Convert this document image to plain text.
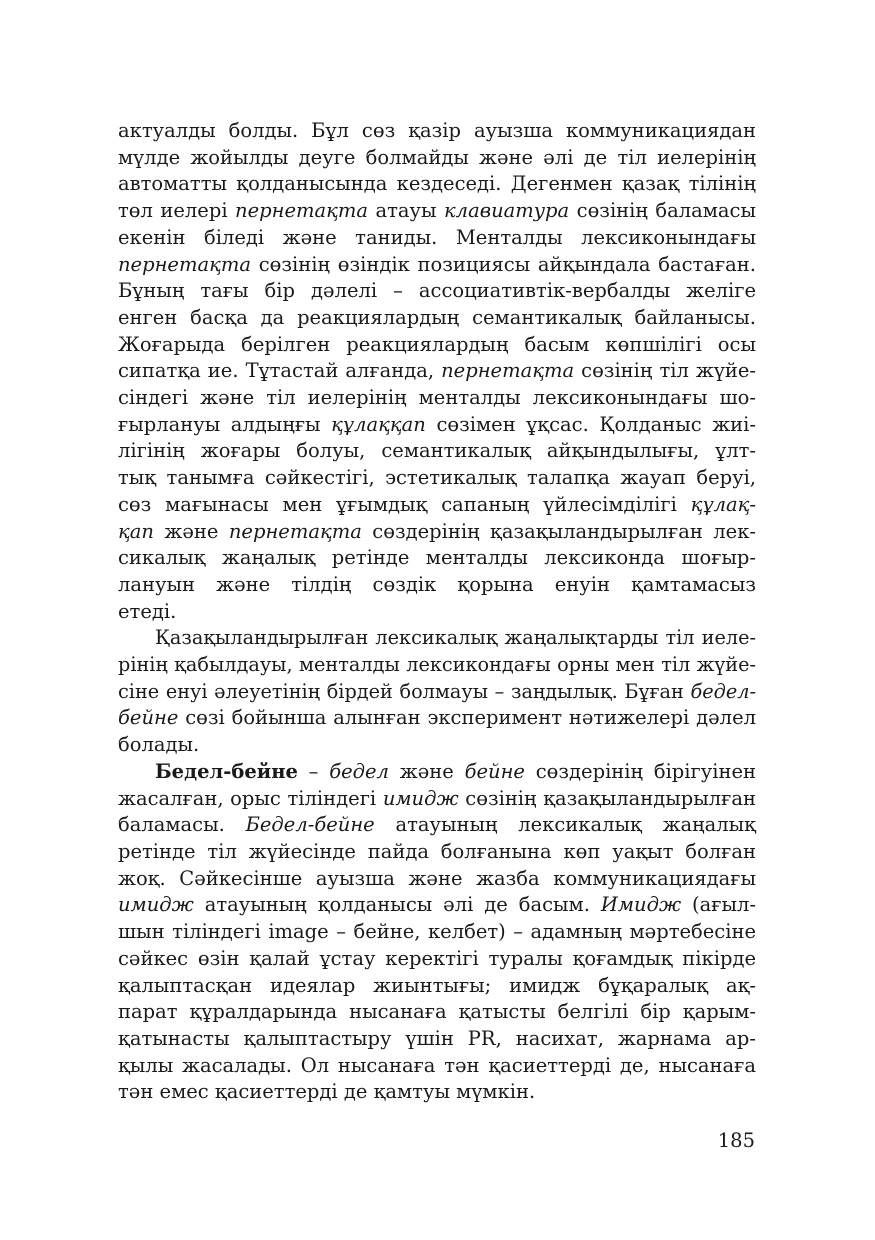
актуалды болды. Бұл сөз қазір ауызша коммуникациядан
мүлде жойылды деуге болмайды және әлі де тіл иелерінің
автоматты қолданысында кездеседі. Дегенмен қазақ тілінің
төл иелері пернетақта атауы клавиатура сөзінің баламасы
екенін біледі және таниды. Менталды лексиконындағы
пернетақта сөзінің өзіндік позициясы айқындала бастаған.
Бұның тағы бір дәлелі – ассоциативтік-вербалды желіге
енген басқа да реакциялардың семантикалық байланысы.
Жоғарыда берілген реакциялардың басым көпшілігі осы
сипатқа ие. Тұтастай алғанда, пернетақта сөзінің тіл жүйе-
сіндегі және тіл иелерінің менталды лексиконындағы шо-
ғырлануы алдыңғы құлаққап сөзімен ұқсас. Қолданыс жиі-
лігінің жоғары болуы, семантикалық айқындылығы, ұлт-
тық танымға сәйкестігі, эстетикалық талапқа жауап беруі,
сөз мағынасы мен ұғымдық сапаның үйлесімділігі құлақ-
қап және пернетақта сөздерінің қазақыландырылған лек-
сикалық жаңалық ретінде менталды лексиконда шоғыр-
лануын және тілдің сөздік қорына енуін қамтамасыз
етеді.
Қазақыландырылған лексикалық жаңалықтарды тіл иеле-
рінің қабылдауы, менталды лексикондағы орны мен тіл жүйе-
сіне енуі әлеуетінің бірдей болмауы – заңдылық. Бұған бедел-
бейне сөзі бойынша алынған эксперимент нәтижелері дәлел
болады.
Бедел-бейне – бедел және бейне сөздерінің бірігуінен
жасалған, орыс тіліндегі имидж сөзінің қазақыландырылған
баламасы. Бедел-бейне атауының лексикалық жаңалық
ретінде тіл жүйесінде пайда болғанына көп уақыт болған
жоқ. Сәйкесінше ауызша және жазба коммуникациядағы
имидж атауының қолданысы әлі де басым. Имидж (ағыл-
шын тіліндегі image – бейне, келбет) – адамның мәртебесіне
сәйкес өзін қалай ұстау керектігі туралы қоғамдық пікірде
қалыптасқан идеялар жиынтығы; имидж бұқаралық ақ-
парат құралдарында нысанаға қатысты белгілі бір қарым-
қатынасты қалыптастыру үшін PR, насихат, жарнама ар-
қылы жасалады. Ол нысанаға тән қасиеттерді де, нысанаға
тән емес қасиеттерді де қамтуы мүмкін.
185
